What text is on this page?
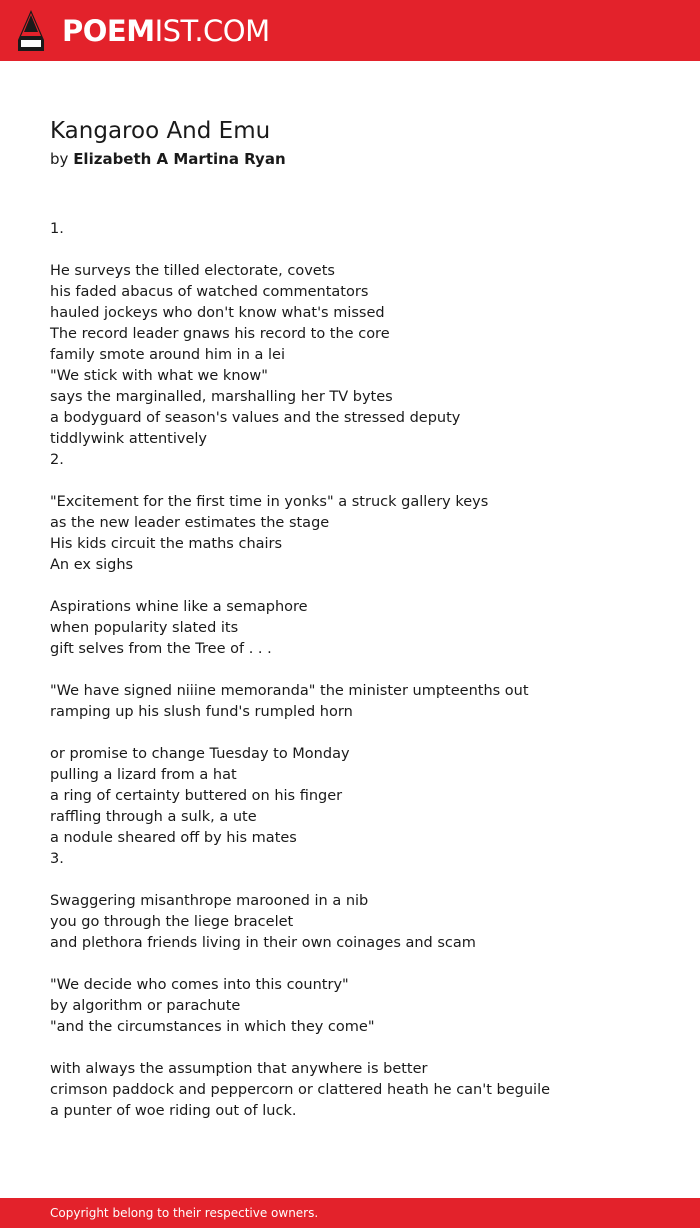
POEMIST.COM
Kangaroo And Emu
by Elizabeth A Martina Ryan
1.
He surveys the tilled electorate, covets
his faded abacus of watched commentators
hauled jockeys who don't know what's missed
The record leader gnaws his record to the core
family smote around him in a lei
"We stick with what we know"
says the marginalled, marshalling her TV bytes
a bodyguard of season's values and the stressed deputy
tiddlywink attentively
2.
"Excitement for the first time in yonks" a struck gallery keys
as the new leader estimates the stage
His kids circuit the maths chairs
An ex sighs
Aspirations whine like a semaphore
when popularity slated its
gift selves from the Tree of . . .
"We have signed niiine memoranda" the minister umpteenths out
ramping up his slush fund's rumpled horn
or promise to change Tuesday to Monday
pulling a lizard from a hat
a ring of certainty buttered on his finger
raffling through a sulk, a ute
a nodule sheared off by his mates
3.
Swaggering misanthrope marooned in a nib
you go through the liege bracelet
and plethora friends living in their own coinages and scam
"We decide who comes into this country"
by algorithm or parachute
"and the circumstances in which they come"
with always the assumption that anywhere is better
crimson paddock and peppercorn or clattered heath he can't beguile
a punter of woe riding out of luck.
Copyright belong to their respective owners.
